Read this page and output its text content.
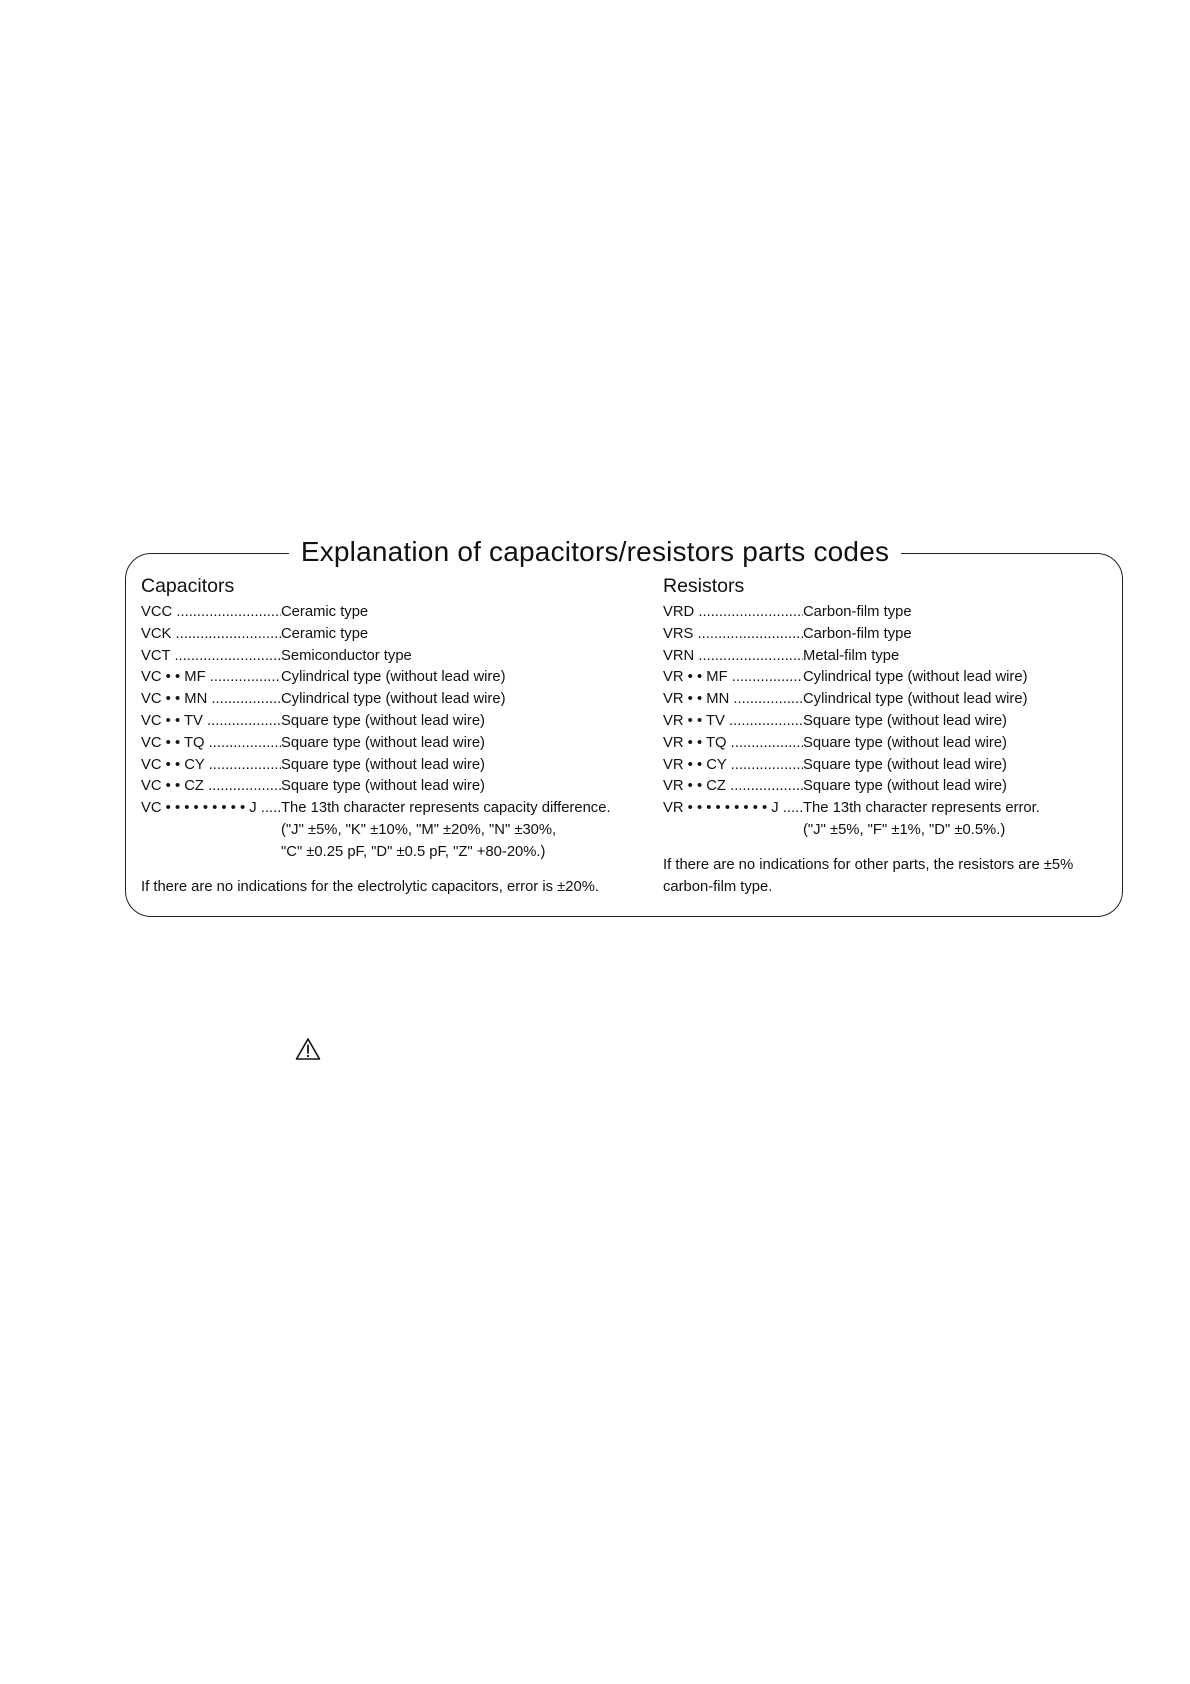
Explanation of capacitors/resistors parts codes
Capacitors
VCC .....	Ceramic type
VCK .....	Ceramic type
VCT .....	Semiconductor type
VC • • MF .....	Cylindrical type (without lead wire)
VC • • MN .....	Cylindrical type (without lead wire)
VC • • TV .....	Square type (without lead wire)
VC • • TQ .....	Square type (without lead wire)
VC • • CY .....	Square type (without lead wire)
VC • • CZ .....	Square type (without lead wire)
VC • • • • • • • • • J .....	The 13th character represents capacity difference.
("J" ±5%, "K" ±10%, "M" ±20%, "N" ±30%,
"C" ±0.25 pF, "D" ±0.5 pF, "Z" +80-20%.)
If there are no indications for the electrolytic capacitors, error is ±20%.
Resistors
VRD .....	Carbon-film type
VRS .....	Carbon-film type
VRN .....	Metal-film type
VR • • MF .....	Cylindrical type (without lead wire)
VR • • MN .....	Cylindrical type (without lead wire)
VR • • TV .....	Square type (without lead wire)
VR • • TQ .....	Square type (without lead wire)
VR • • CY .....	Square type (without lead wire)
VR • • CZ .....	Square type (without lead wire)
VR • • • • • • • • • J .....	The 13th character represents error.
("J" ±5%, "F" ±1%, "D" ±0.5%.)
If there are no indications for other parts, the resistors are ±5%
carbon-film type.
